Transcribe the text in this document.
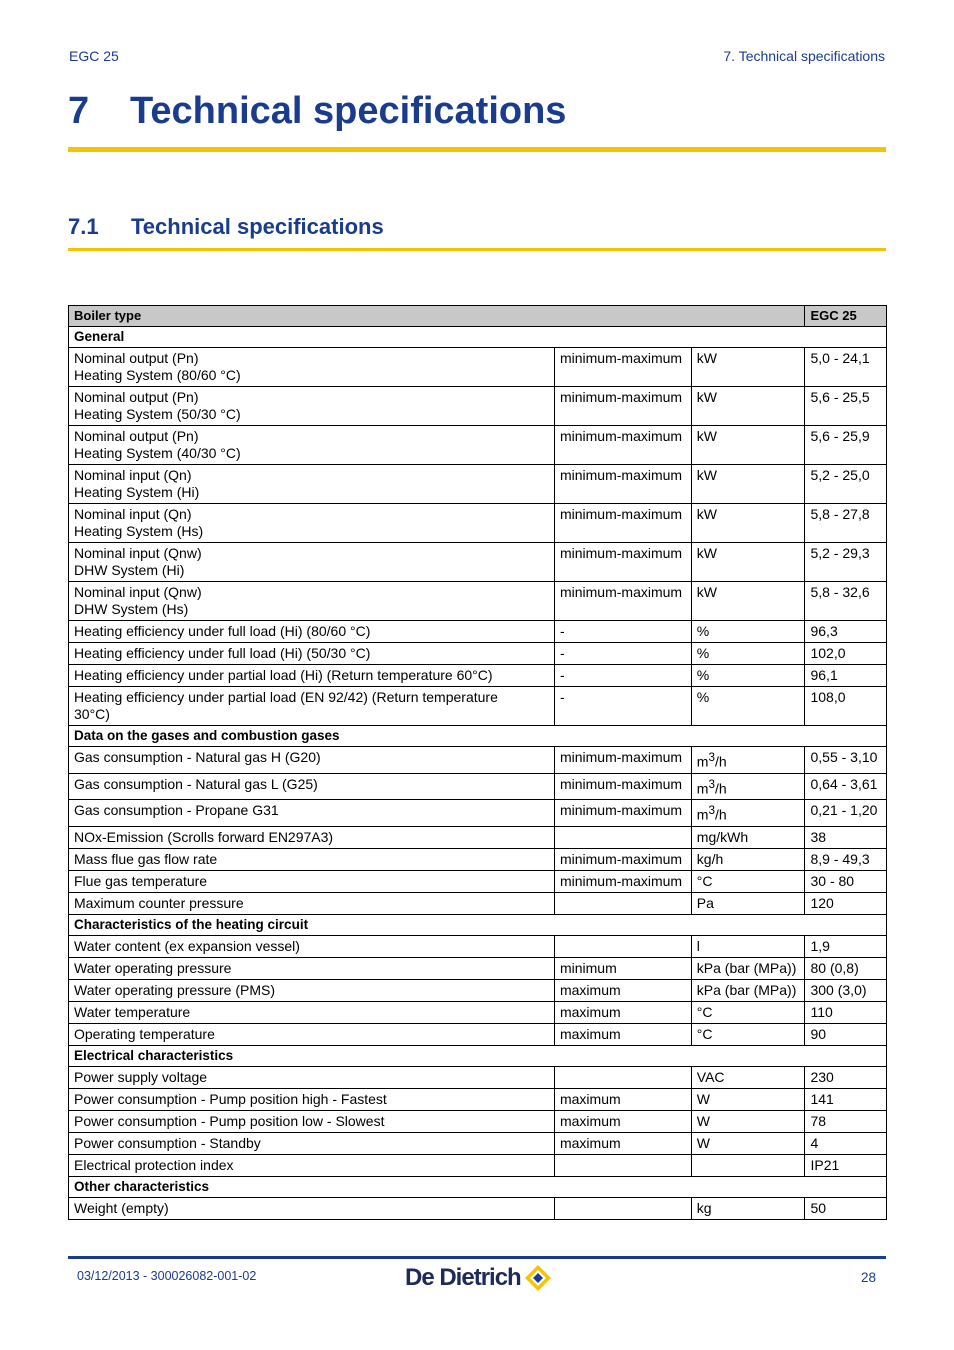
EGC 25	7. Technical specifications
7 Technical specifications
7.1 Technical specifications
Boiler type			EGC 25
General			

Nominal output (Pn)
Heating System (80/60 °C)	minimum-maximum	kW	5,0 - 24,1

Nominal output (Pn)
Heating System (50/30 °C)	minimum-maximum	kW	5,6 - 25,5

Nominal output (Pn)
Heating System (40/30 °C)	minimum-maximum	kW	5,6 - 25,9

Nominal input (Qn)
Heating System (Hi)	minimum-maximum	kW	5,2 - 25,0

Nominal input (Qn)
Heating System (Hs)	minimum-maximum	kW	5,8 - 27,8

Nominal input (Qnw)
DHW System (Hi)	minimum-maximum	kW	5,2 - 29,3

Nominal input (Qnw)
DHW System (Hs)	minimum-maximum	kW	5,8 - 32,6

Heating efficiency under full load (Hi) (80/60 °C)	-	%	96,3

Heating efficiency under full load (Hi) (50/30 °C)	-	%	102,0

Heating efficiency under partial load (Hi) (Return temperature 60°C)	-	%	96,1

Heating efficiency under partial load (EN 92/42) (Return temperature
30°C)	-	%	108,0
Data on the gases and combustion gases			

Gas consumption - Natural gas H (G20)	minimum-maximum	$m^3/h$	0,55 - 3,10

Gas consumption - Natural gas L (G25)	minimum-maximum	$m^3/h$	0,64 - 3,61

Gas consumption - Propane G31	minimum-maximum	$m^3/h$	0,21 - 1,20

NOx-Emission (Scrolls forward EN297A3)		mg/kWh	38

Mass flue gas flow rate	minimum-maximum	kg/h	8,9 - 49,3

Flue gas temperature	minimum-maximum	°C	30 - 80

Maximum counter pressure		Pa	120
Characteristics of the heating circuit			

Water content (ex expansion vessel)		l	1,9

Water operating pressure	minimum	kPa (bar (MPa))	80 (0,8)

Water operating pressure (PMS)	maximum	kPa (bar (MPa))	300 (3,0)

Water temperature	maximum	°C	110

Operating temperature	maximum	°C	90
Electrical characteristics			

Power supply voltage		VAC	230

Power consumption - Pump position high - Fastest	maximum	W	141

Power consumption - Pump position low - Slowest	maximum	W	78

Power consumption - Standby	maximum	W	4

Electrical protection index			IP21
Other characteristics			

Weight (empty)		kg	50
03/12/2013 - 300026082-001-02	De Dietrich	28
